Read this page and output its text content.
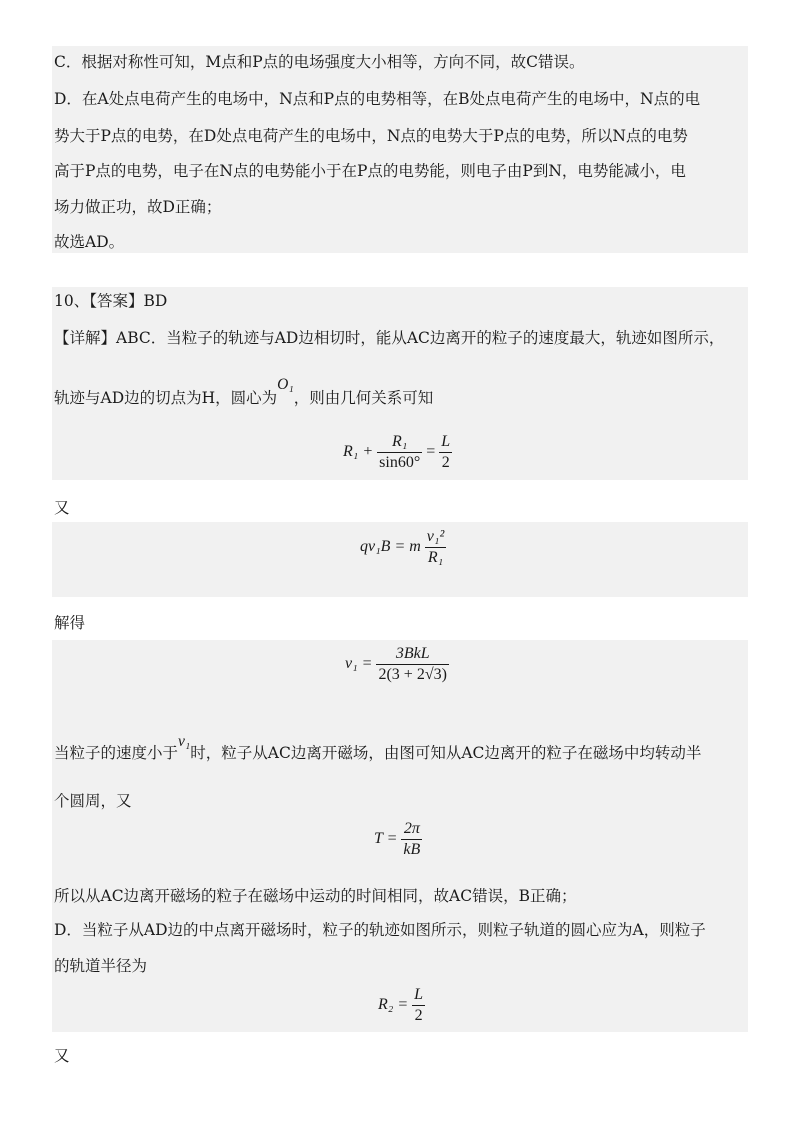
C．根据对称性可知，M点和P点的电场强度大小相等，方向不同，故C错误。
D．在A处点电荷产生的电场中，N点和P点的电势相等，在B处点电荷产生的电场中，N点的电
势大于P点的电势，在D处点电荷产生的电场中，N点的电势大于P点的电势，所以N点的电势
高于P点的电势，电子在N点的电势能小于在P点的电势能，则电子由P到N，电势能减小，电
场力做正功，故D正确；
故选AD。
10、【答案】BD
【详解】ABC．当粒子的轨迹与AD边相切时，能从AC边离开的粒子的速度最大，轨迹如图所示，
轨迹与AD边的切点为H，圆心为O₁，则由几何关系可知
$R_1 + \frac{\text{R₁}}{\sin 60^\circ} = \frac{L}{2}$
又
qv₁B = m $\frac{\text{v₁²}}{\text{R₁}}$
解得
$v_1 = \frac{\text{3BkL}}{2(3 + 2√3)}$
当粒子的速度小于v₁时，粒子从AC边离开磁场，由图可知从AC边离开的粒子在磁场中均转动半
个圆周，又
$T = \frac{2\pi}{kB}$
所以从AC边离开磁场的粒子在磁场中运动的时间相同，故AC错误，B正确；
D．当粒子从AD边的中点离开磁场时，粒子的轨迹如图所示，则粒子轨道的圆心应为A，则粒子
的轨道半径为
$R_2 = \frac{L}{2}$
又
